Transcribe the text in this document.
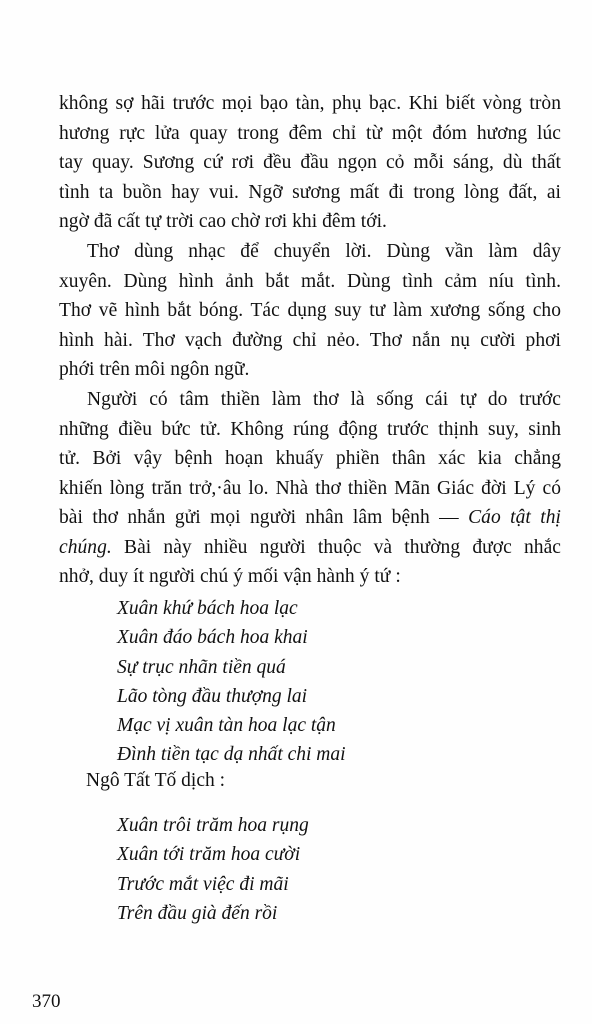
không sợ hãi trước mọi bạo tàn, phụ bạc. Khi biết vòng tròn
hương rực lửa quay trong đêm chỉ từ một đóm hương lúc
tay quay. Sương cứ rơi đều đầu ngọn cỏ mỗi sáng, dù thất
tình ta buồn hay vui. Ngỡ sương mất đi trong lòng đất, ai
ngờ đã cất tự trời cao chờ rơi khi đêm tới.

Thơ dùng nhạc để chuyển lời. Dùng vần làm dây
xuyên. Dùng hình ảnh bắt mắt. Dùng tình cảm níu tình.
Thơ vẽ hình bắt bóng. Tác dụng suy tư làm xương sống cho
hình hài. Thơ vạch đường chỉ nẻo. Thơ nắn nụ cười phơi
phới trên môi ngôn ngữ.

Người có tâm thiền làm thơ là sống cái tự do trước
những điều bức tử. Không rúng động trước thịnh suy, sinh
tử. Bởi vậy bệnh hoạn khuấy phiền thân xác kia chẳng
khiến lòng trăn trở,·âu lo. Nhà thơ thiền Mãn Giác đời Lý có
bài thơ nhắn gửi mọi người nhân lâm bệnh — Cáo tật thị
chúng. Bài này nhiều người thuộc và thường được nhắc
nhở, duy ít người chú ý mối vận hành ý tứ :

Xuân khứ bách hoa lạc
Xuân đáo bách hoa khai
Sự trục nhãn tiền quá
Lão tòng đầu thượng lai
Mạc vị xuân tàn hoa lạc tận
Đình tiền tạc dạ nhất chi mai
Ngô Tất Tố dịch :
Xuân trôi trăm hoa rụng
Xuân tới trăm hoa cười
Trước mắt việc đi mãi
Trên đầu già đến rồi
370
